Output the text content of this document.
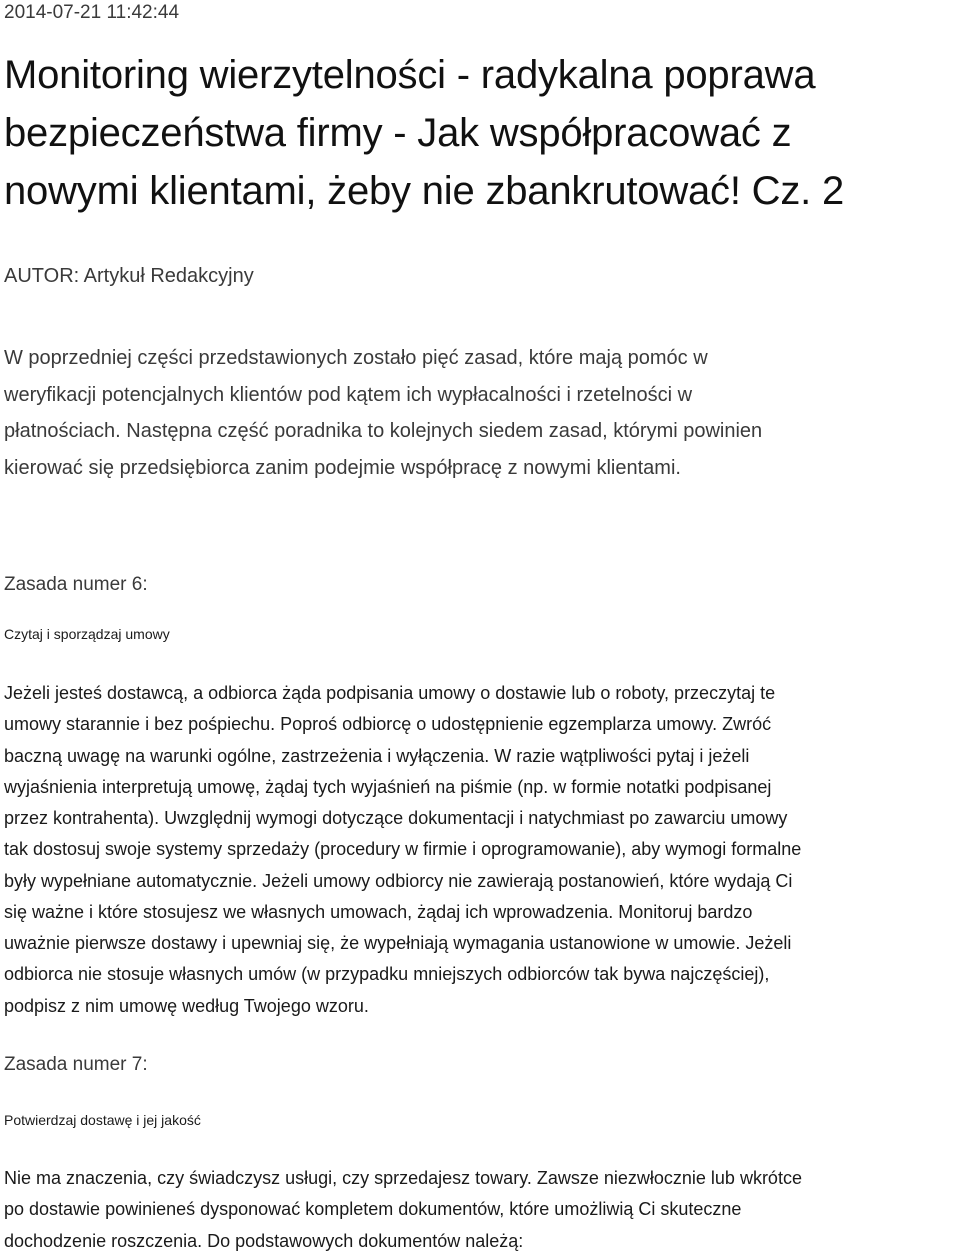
2014-07-21 11:42:44
Monitoring wierzytelności - radykalna poprawa
bezpieczeństwa firmy - Jak współpracować z
nowymi klientami, żeby nie zbankrutować! Cz. 2
AUTOR: Artykuł Redakcyjny
W poprzedniej części przedstawionych zostało pięć zasad, które mają pomóc w
weryfikacji potencjalnych klientów pod kątem ich wypłacalności i rzetelności w
płatnościach. Następna część poradnika to kolejnych siedem zasad, którymi powinien
kierować się przedsiębiorca zanim podejmie współpracę z nowymi klientami.
Zasada numer 6:
Czytaj i sporządzaj umowy
Jeżeli jesteś dostawcą, a odbiorca żąda podpisania umowy o dostawie lub o roboty, przeczytaj te
umowy starannie i bez pośpiechu. Poproś odbiorcę o udostępnienie egzemplarza umowy. Zwróć
baczną uwagę na warunki ogólne, zastrzeżenia i wyłączenia. W razie wątpliwości pytaj i jeżeli
wyjaśnienia interpretują umowę, żądaj tych wyjaśnień na piśmie (np. w formie notatki podpisanej
przez kontrahenta). Uwzględnij wymogi dotyczące dokumentacji i natychmiast po zawarciu umowy
tak dostosuj swoje systemy sprzedaży (procedury w firmie i oprogramowanie), aby wymogi formalne
były wypełniane automatycznie. Jeżeli umowy odbiorcy nie zawierają postanowień, które wydają Ci
się ważne i które stosujesz we własnych umowach, żądaj ich wprowadzenia. Monitoruj bardzo
uważnie pierwsze dostawy i upewniaj się, że wypełniają wymagania ustanowione w umowie. Jeżeli
odbiorca nie stosuje własnych umów (w przypadku mniejszych odbiorców tak bywa najczęściej),
podpisz z nim umowę według Twojego wzoru.
Zasada numer 7:
Potwierdzaj dostawę i jej jakość
Nie ma znaczenia, czy świadczysz usługi, czy sprzedajesz towary. Zawsze niezwłocznie lub wkrótce
po dostawie powinieneś dysponować kompletem dokumentów, które umożliwią Ci skuteczne
dochodzenie roszczenia. Do podstawowych dokumentów należą:
